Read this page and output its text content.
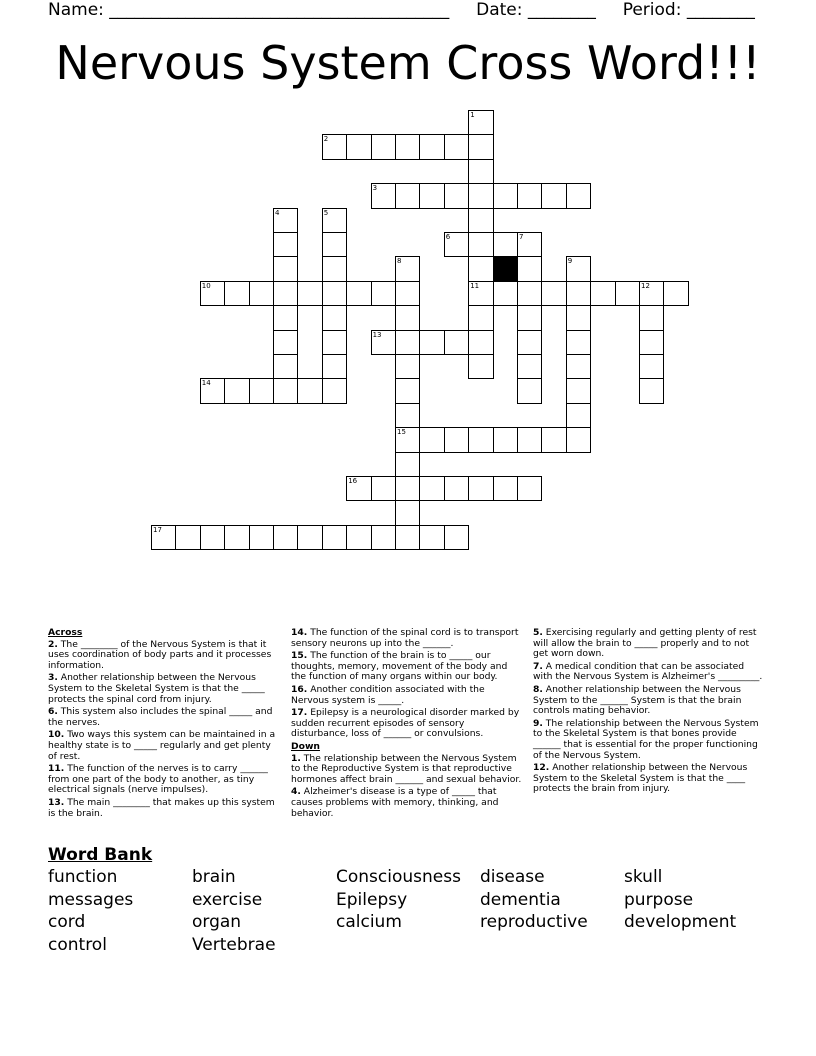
Name: ________________________________________ Date: ________ Period: ________
Nervous System Cross Word!!!
2
3
6
10	11
13
14
15
16
17
1
4	5
7
8	9
12

Across

2. The ________ of the Nervous System is that it uses coordination of body parts and it processes information.

3. Another relationship between the Nervous System to the Skeletal System is that the _____ protects the spinal cord from injury.

6. This system also includes the spinal _____ and the nerves.

10. Two ways this system can be maintained in a healthy state is to _____ regularly and get plenty of rest.

11. The function of the nerves is to carry ______ from one part of the body to another, as tiny electrical signals (nerve impulses).

13. The main ________ that makes up this system is the brain.

14. The function of the spinal cord is to transport sensory neurons up into the ______.

15. The function of the brain is to _____ our thoughts, memory, movement of the body and the function of many organs within our body.

16. Another condition associated with the Nervous system is _____.

17. Epilepsy is a neurological disorder marked by sudden recurrent episodes of sensory disturbance, loss of ______ or convulsions.

Down

1. The relationship between the Nervous System to the Reproductive System is that reproductive hormones affect brain ______ and sexual behavior.

4. Alzheimer's disease is a type of _____ that causes problems with memory, thinking, and behavior.

5. Exercising regularly and getting plenty of rest will allow the brain to _____ properly and to not get worn down.

7. A medical condition that can be associated with the Nervous System is Alzheimer's _________.

8. Another relationship between the Nervous System to the ______ System is that the brain controls mating behavior.

9. The relationship between the Nervous System to the Skeletal System is that bones provide ______ that is essential for the proper functioning of the Nervous System.

12. Another relationship between the Nervous System to the Skeletal System is that the ____ protects the brain from injury.

Word Bank
function
messages
cord
control
brain
exercise
organ
Vertebrae
Consciousness
Epilepsy
calcium
disease
dementia
reproductive
skull
purpose
development
